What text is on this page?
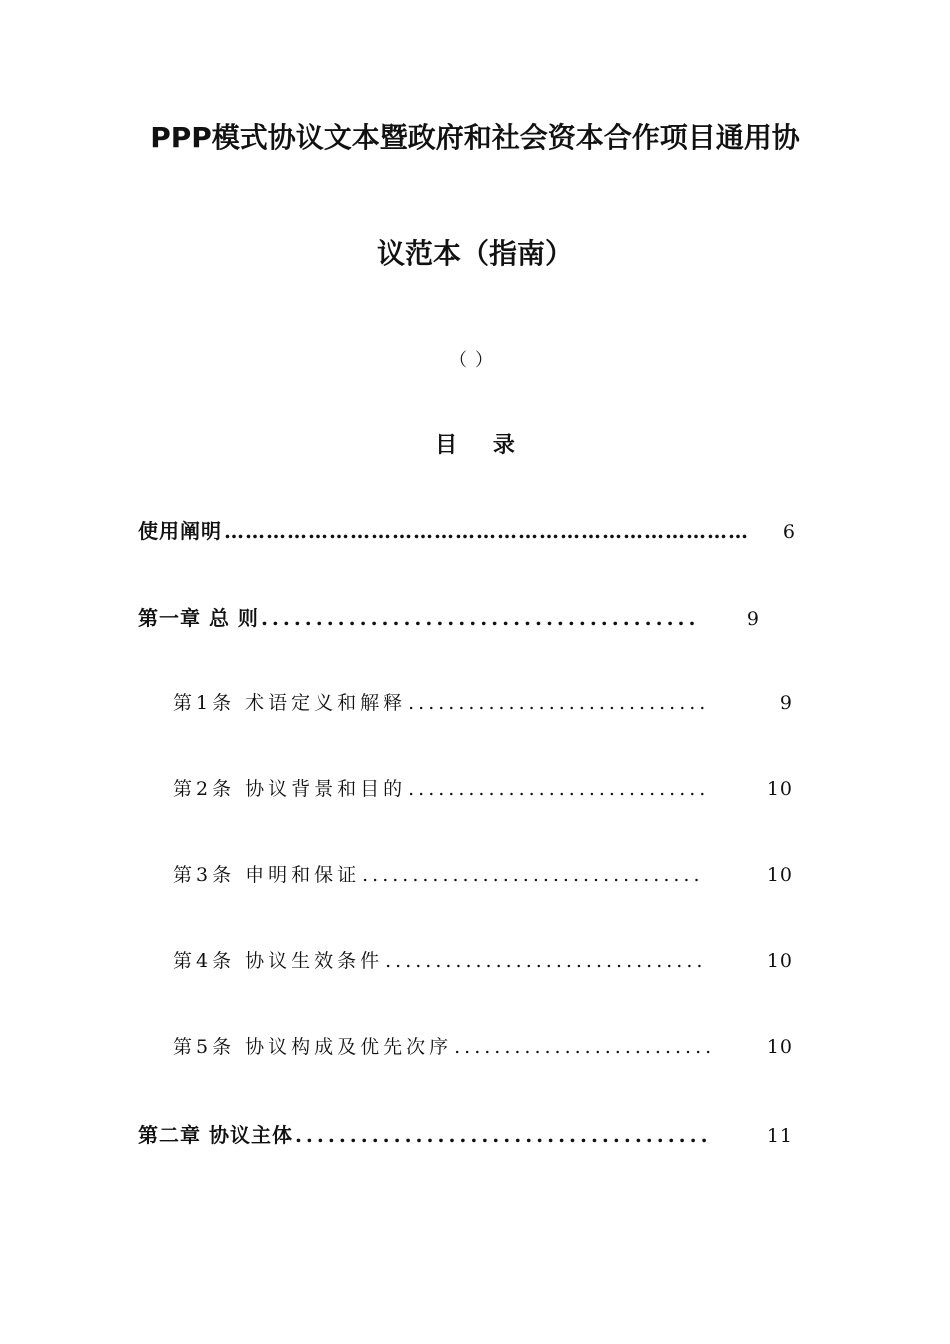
PPP模式协议文本暨政府和社会资本合作项目通用协
议范本（指南）
（）
目 录
使用阐明 …………………………………………………………………	6
第一章 总 则 ........................................	9
第1条 术语定义和解释 ..............................	9
第2条 协议背景和目的 ..............................	10
第3条 申明和保证 ..................................	10
第4条 协议生效条件 ................................	10
第5条 协议构成及优先次序 ..........................	10
第二章 协议主体 ......................................	11
